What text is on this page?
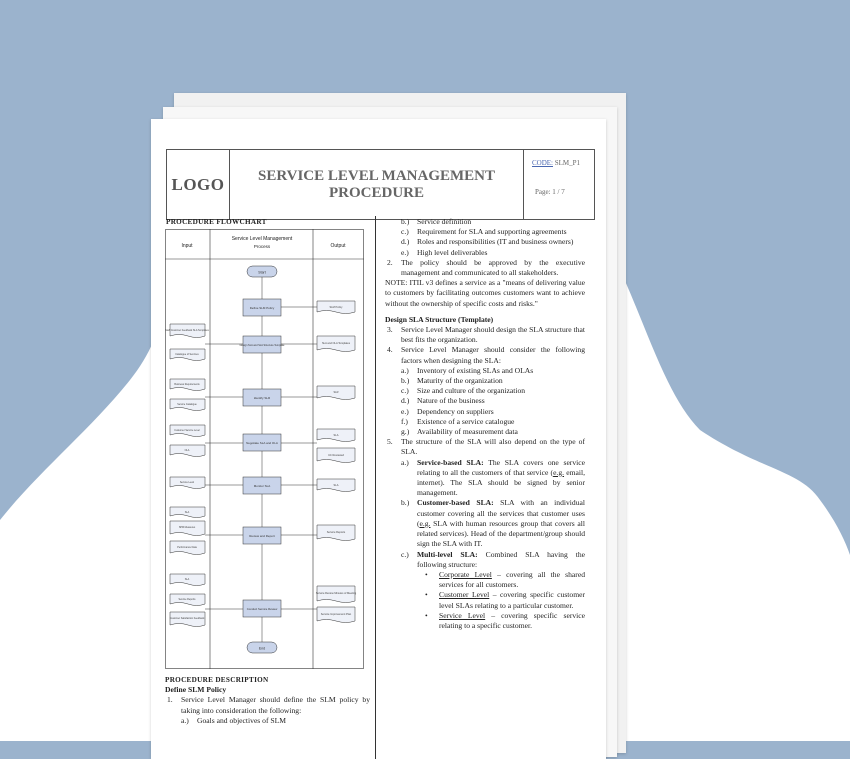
LOGO	SERVICE LEVEL MANAGEMENT
PROCEDURE
CODE: SLM_P1
Page: 1 / 7
PROCEDURE FLOWCHART
Input
Service Level Management
Process	Output
Start
Define SLM Policy
Design SLA and SLA Structure Template
Identify SLR
Negotiate SLA and OLA
Monitor SLA
Review and Report
Conduct Service Review
End
Staff Customer Feedback SLA Templates
Catalogue of Services
Business Requirements
Service Catalogue
Customer Service Level
OLA
Service Level
SLA
SPM Measures
Performance Data
SLA
Service Reports
Customer Satisfaction Feedback
SLM Policy
SLA and OLA Templates
SLR
SLA
UC Reviewed
SLA
Service Reports
Service Review Minutes of Meeting
Service Improvement Plan
b.) Service definition
c.) Requirement for SLA and supporting agreements
d.) Roles and responsibilities (IT and business owners)
e.) High level deliverables
2. The policy should be approved by the executive management and communicated to all stakeholders.
NOTE: ITIL v3 defines a service as a "means of delivering value to customers by facilitating outcomes customers want to achieve without the ownership of specific costs and risks."
Design SLA Structure (Template)
3. Service Level Manager should design the SLA structure that best fits the organization.
4. Service Level Manager should consider the following factors when designing the SLA:
a.) Inventory of existing SLAs and OLAs
b.) Maturity of the organization
c.) Size and culture of the organization
d.) Nature of the business
e.) Dependency on suppliers
f.) Existence of a service catalogue
g.) Availability of measurement data
5. The structure of the SLA will also depend on the type of SLA.
a.) Service-based SLA: The SLA covers one service relating to all the customers of that service (e.g. email, internet). The SLA should be signed by senior management.
b.) Customer-based SLA: SLA with an individual customer covering all the services that customer uses (e.g. SLA with human resources group that covers all related services). Head of the department/group should sign the SLA with IT.
c.) Multi-level SLA: Combined SLA having the following structure:
• Corporate Level – covering all the shared services for all customers.
• Customer Level – covering specific customer level SLAs relating to a particular customer.
• Service Level – covering specific service relating to a specific customer.
PROCEDURE DESCRIPTION
Define SLM Policy
1. Service Level Manager should define the SLM policy by taking into consideration the following:
a.) Goals and objectives of SLM
